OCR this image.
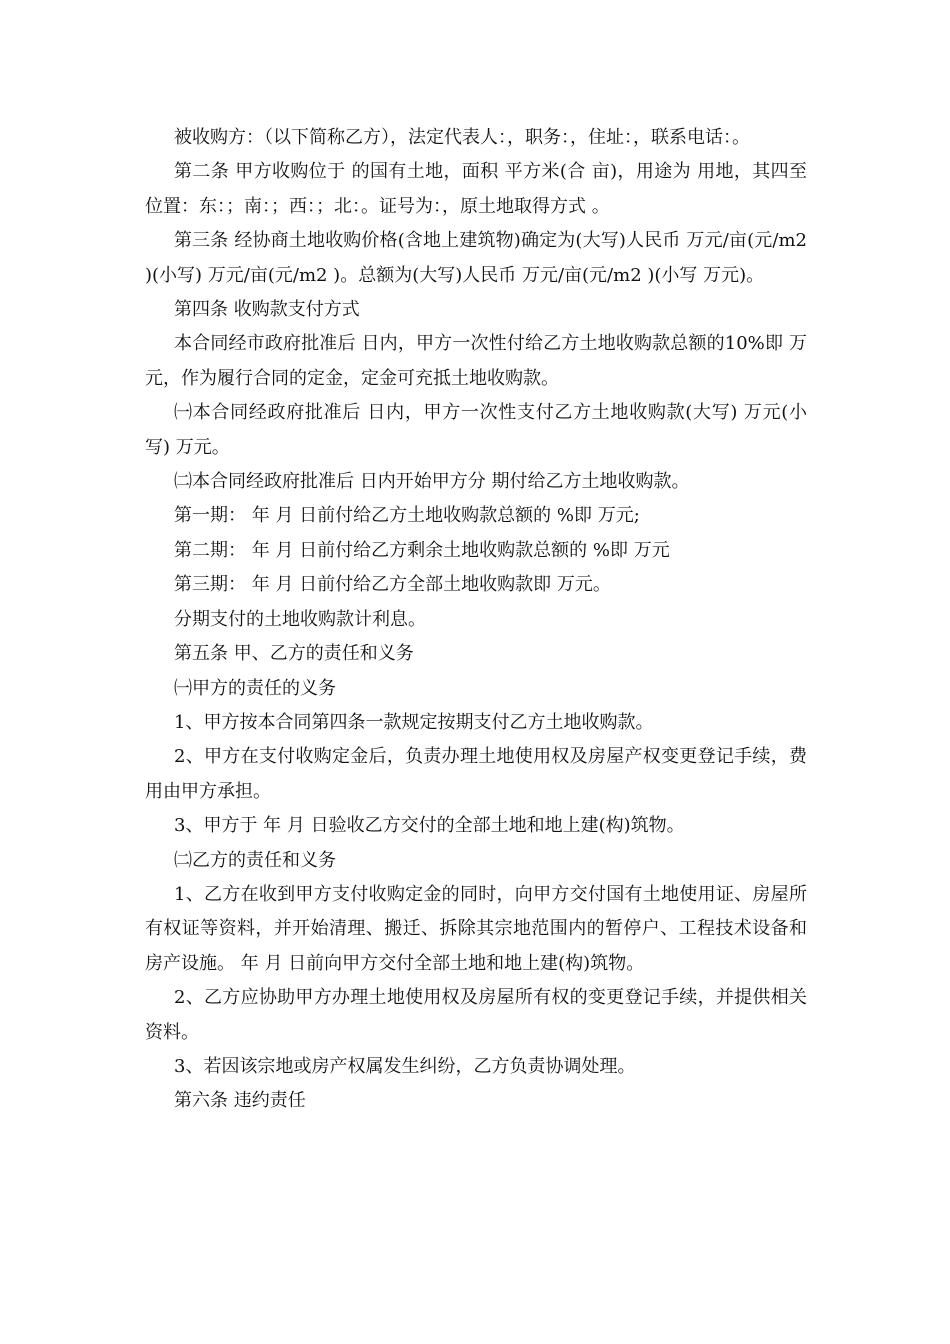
被收购方：（以下简称乙方），法定代表人：，职务：，住址：，联系电话：。

第二条 甲方收购位于 的国有土地，面积 平方米(合 亩)，用途为 用地，其四至位置：东：；南：；西：；北：。证号为：，原土地取得方式 。

第三条 经协商土地收购价格(含地上建筑物)确定为(大写)人民币 万元/亩(元/m2 )(小写) 万元/亩(元/m2 )。总额为(大写)人民币 万元/亩(元/m2 )(小写 万元)。

第四条 收购款支付方式

本合同经市政府批准后 日内，甲方一次性付给乙方土地收购款总额的10%即 万元，作为履行合同的定金，定金可充抵土地收购款。

㈠本合同经政府批准后 日内，甲方一次性支付乙方土地收购款(大写) 万元(小写) 万元。

㈡本合同经政府批准后 日内开始甲方分 期付给乙方土地收购款。

第一期： 年 月 日前付给乙方土地收购款总额的 %即 万元;

第二期： 年 月 日前付给乙方剩余土地收购款总额的 %即 万元

第三期： 年 月 日前付给乙方全部土地收购款即 万元。

分期支付的土地收购款计利息。

第五条 甲、乙方的责任和义务

㈠甲方的责任的义务

1、甲方按本合同第四条一款规定按期支付乙方土地收购款。

2、甲方在支付收购定金后，负责办理土地使用权及房屋产权变更登记手续，费用由甲方承担。

3、甲方于 年 月 日验收乙方交付的全部土地和地上建(构)筑物。

㈡乙方的责任和义务

1、乙方在收到甲方支付收购定金的同时，向甲方交付国有土地使用证、房屋所有权证等资料，并开始清理、搬迁、拆除其宗地范围内的暂停户、工程技术设备和房产设施。 年 月 日前向甲方交付全部土地和地上建(构)筑物。

2、乙方应协助甲方办理土地使用权及房屋所有权的变更登记手续，并提供相关资料。

3、若因该宗地或房产权属发生纠纷，乙方负责协调处理。

第六条 违约责任
